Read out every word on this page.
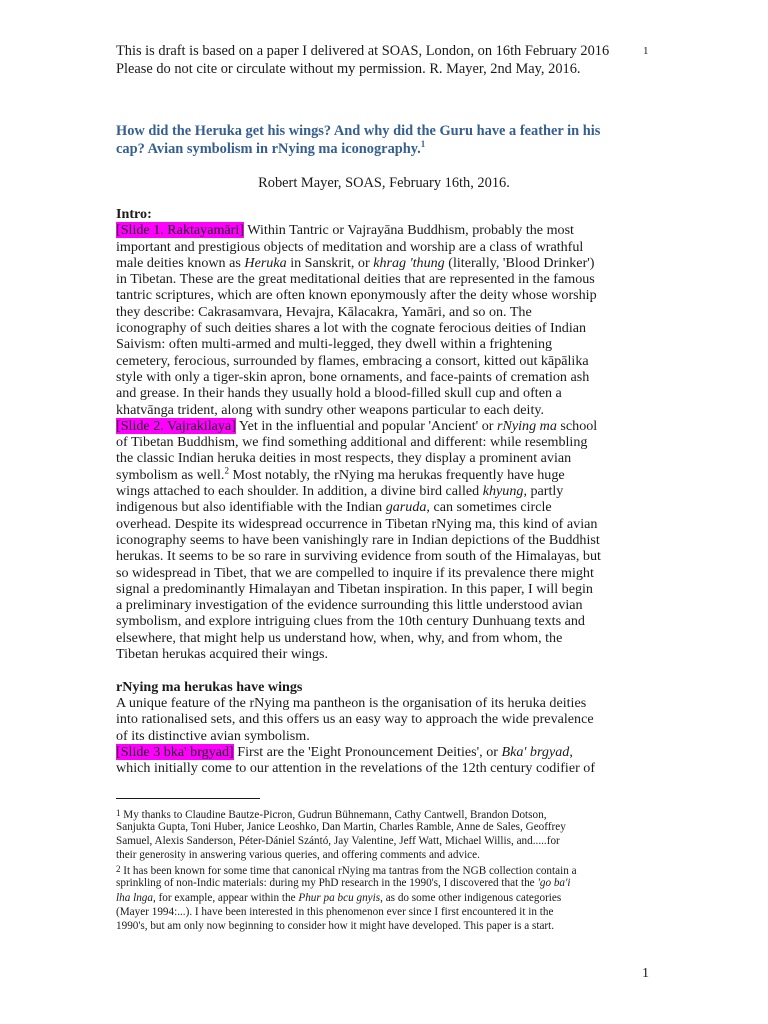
This is draft is based on a paper I delivered at SOAS, London, on 16th February 2016
Please do not cite or circulate without my permission. R. Mayer, 2nd May, 2016.
1
How did the Heruka get his wings? And why did the Guru have a feather in his
cap? Avian symbolism in rNying ma iconography.$^1$
Robert Mayer, SOAS, February 16th, 2016.
Intro:
[Slide 1. Raktayamāri] Within Tantric or Vajrayāna Buddhism, probably the most
important and prestigious objects of meditation and worship are a class of wrathful
male deities known as Heruka in Sanskrit, or khrag 'thung (literally, 'Blood Drinker')
in Tibetan. These are the great meditational deities that are represented in the famous
tantric scriptures, which are often known eponymously after the deity whose worship
they describe: Cakrasamvara, Hevajra, Kālacakra, Yamāri, and so on. The
iconography of such deities shares a lot with the cognate ferocious deities of Indian
Saivism: often multi-armed and multi-legged, they dwell within a frightening
cemetery, ferocious, surrounded by flames, embracing a consort, kitted out kāpālika
style with only a tiger-skin apron, bone ornaments, and face-paints of cremation ash
and grease. In their hands they usually hold a blood-filled skull cup and often a
khatvānga trident, along with sundry other weapons particular to each deity.
[Slide 2. Vajrakilaya] Yet in the influential and popular 'Ancient' or rNying ma school
of Tibetan Buddhism, we find something additional and different: while resembling
the classic Indian heruka deities in most respects, they display a prominent avian
symbolism as well.$^2$ Most notably, the rNying ma herukas frequently have huge
wings attached to each shoulder. In addition, a divine bird called khyung, partly
indigenous but also identifiable with the Indian garuda, can sometimes circle
overhead. Despite its widespread occurrence in Tibetan rNying ma, this kind of avian
iconography seems to have been vanishingly rare in Indian depictions of the Buddhist
herukas. It seems to be so rare in surviving evidence from south of the Himalayas, but
so widespread in Tibet, that we are compelled to inquire if its prevalence there might
signal a predominantly Himalayan and Tibetan inspiration. In this paper, I will begin
a preliminary investigation of the evidence surrounding this little understood avian
symbolism, and explore intriguing clues from the 10th century Dunhuang texts and
elsewhere, that might help us understand how, when, why, and from whom, the
Tibetan herukas acquired their wings.
rNying ma herukas have wings
A unique feature of the rNying ma pantheon is the organisation of its heruka deities
into rationalised sets, and this offers us an easy way to approach the wide prevalence
of its distinctive avian symbolism.
[Slide 3 bka' brgyad] First are the 'Eight Pronouncement Deities', or Bka' brgyad,
which initially come to our attention in the revelations of the 12th century codifier of
1 My thanks to Claudine Bautze-Picron, Gudrun Bühnemann, Cathy Cantwell, Brandon Dotson,
Sanjukta Gupta, Toni Huber, Janice Leoshko, Dan Martin, Charles Ramble, Anne de Sales, Geoffrey
Samuel, Alexis Sanderson, Péter-Dániel Szántó, Jay Valentine, Jeff Watt, Michael Willis, and.....for
their generosity in answering various queries, and offering comments and advice.
2 It has been known for some time that canonical rNying ma tantras from the NGB collection contain a
sprinkling of non-Indic materials: during my PhD research in the 1990's, I discovered that the 'go ba'i
lha lnga, for example, appear within the Phur pa bcu gnyis, as do some other indigenous categories
(Mayer 1994:...). I have been interested in this phenomenon ever since I first encountered it in the
1990's, but am only now beginning to consider how it might have developed. This paper is a start.
1
